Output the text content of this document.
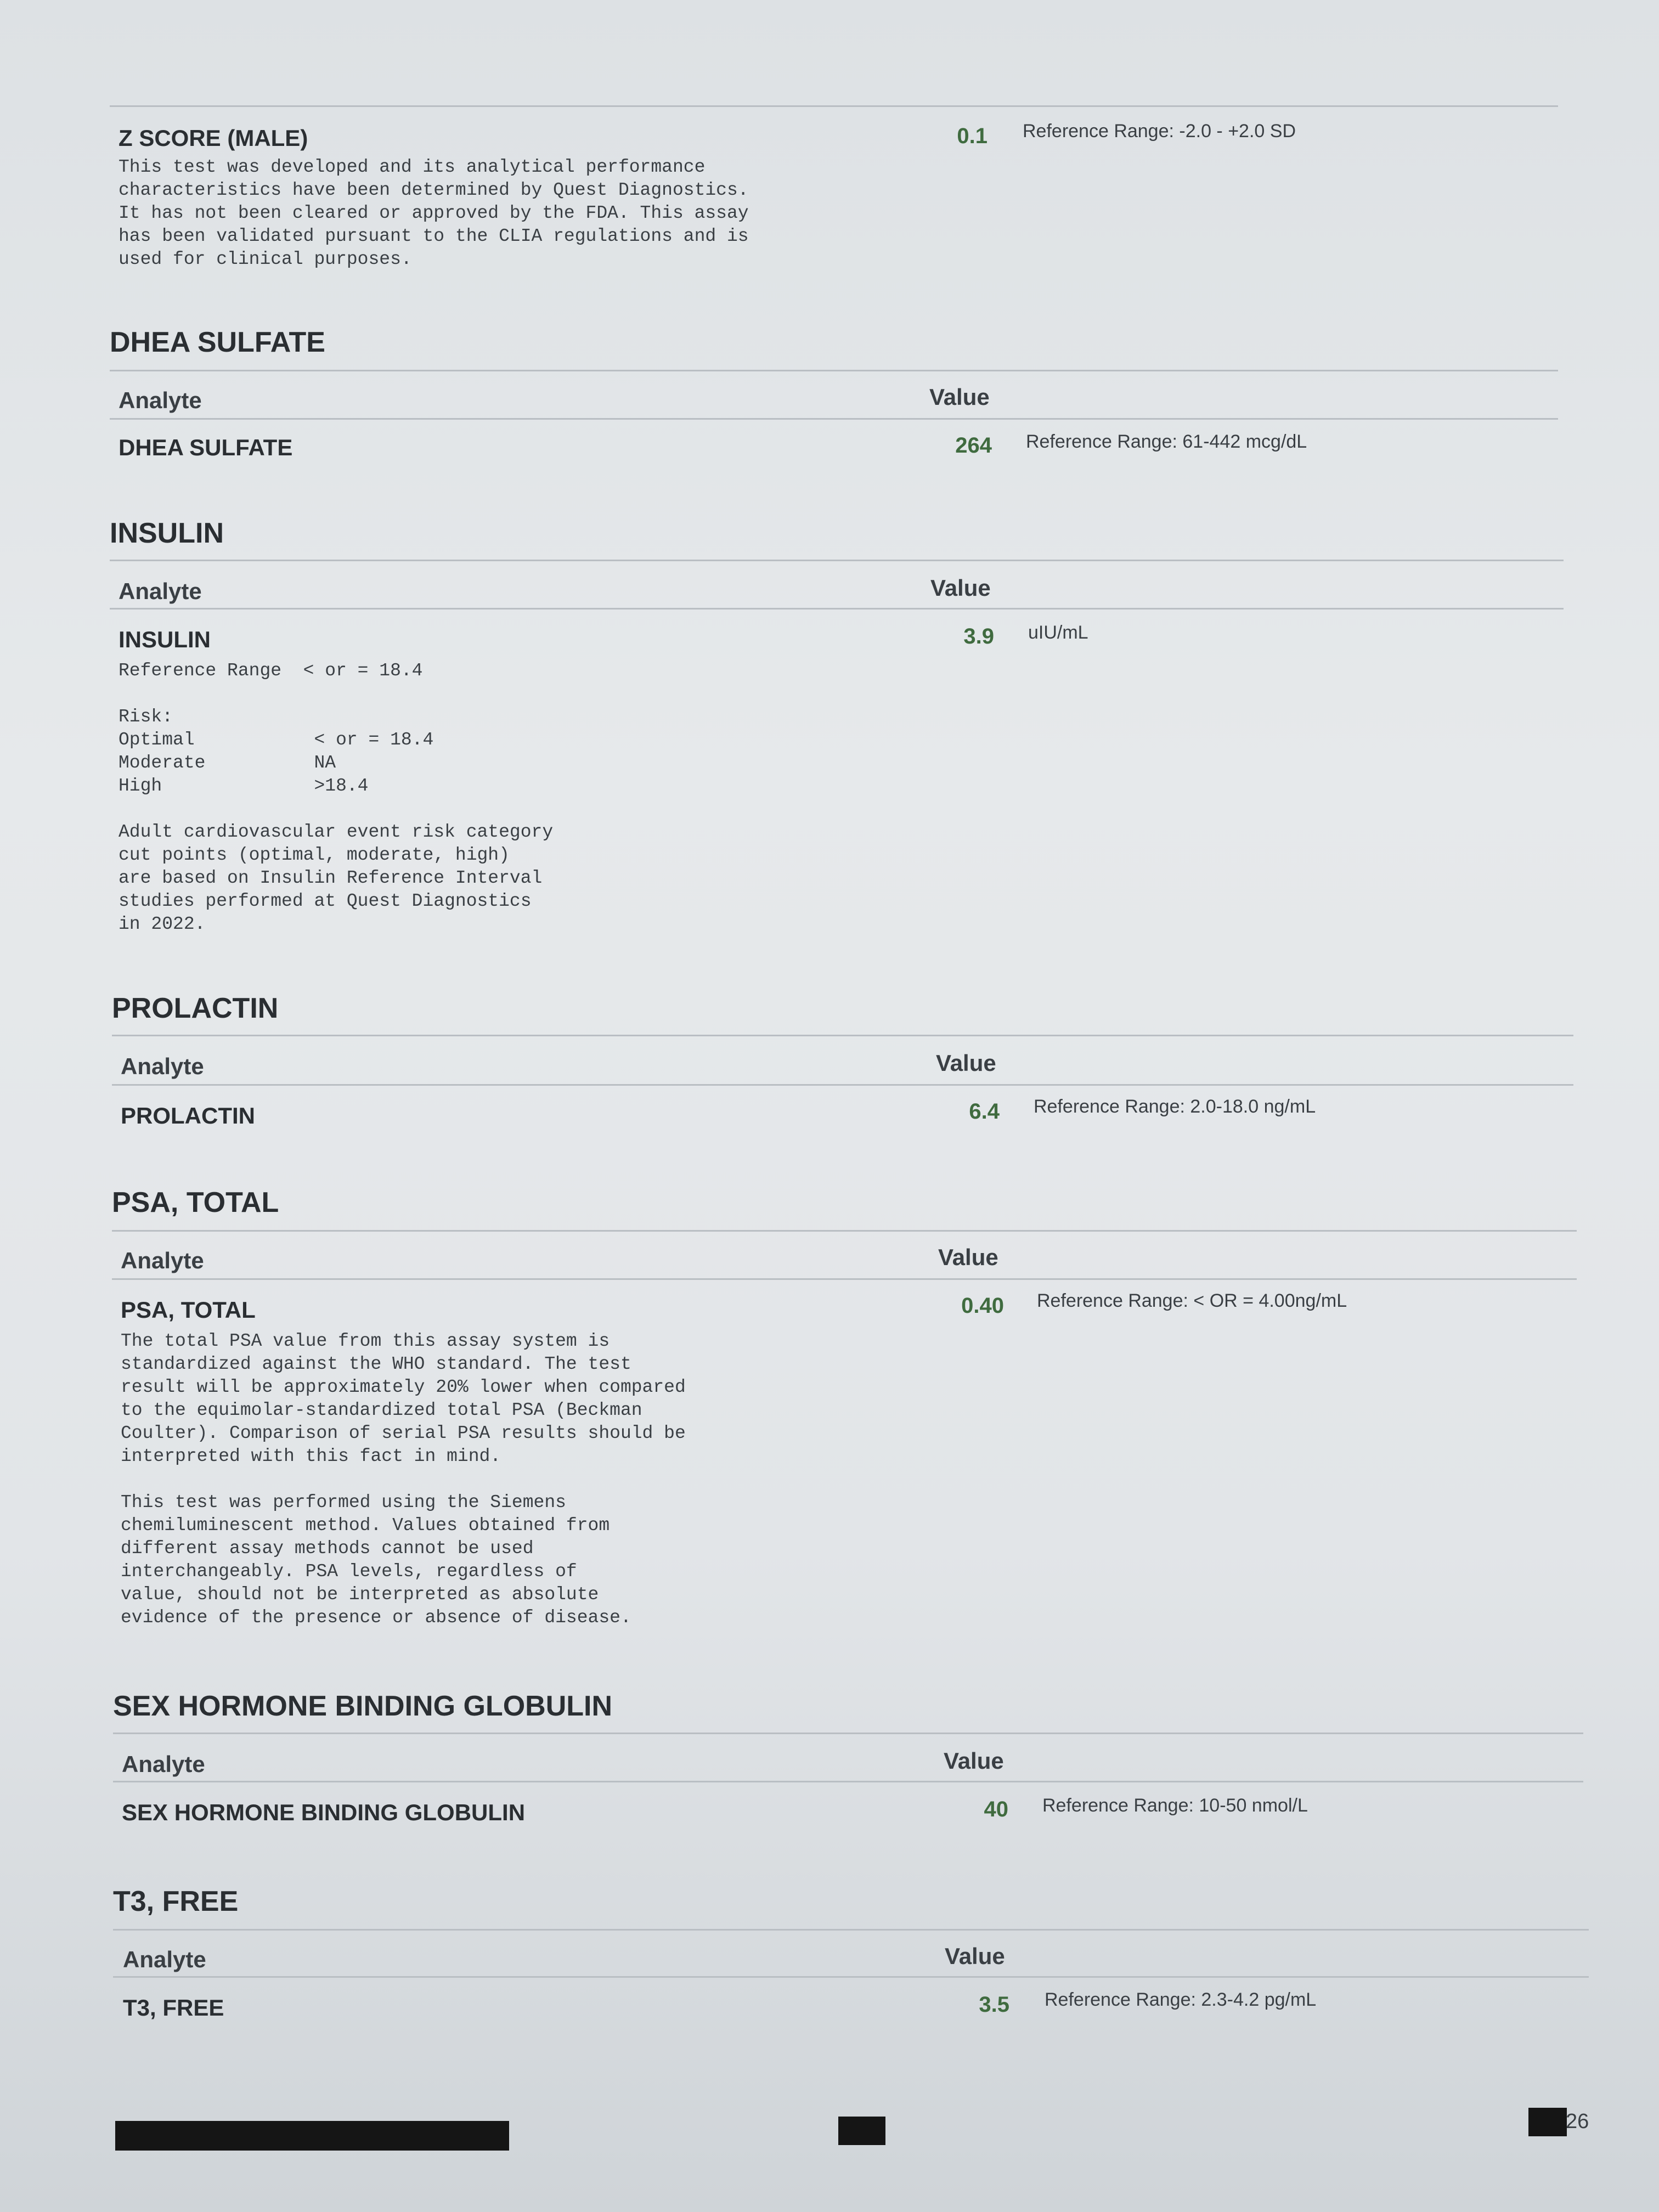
Z SCORE (MALE)	0.1 Reference Range: -2.0 - +2.0 SD
This test was developed and its analytical performance
characteristics have been determined by Quest Diagnostics.
It has not been cleared or approved by the FDA. This assay
has been validated pursuant to the CLIA regulations and is
used for clinical purposes.
DHEA SULFATE
Analyte	Value
DHEA SULFATE	264 Reference Range: 61-442 mcg/dL
INSULIN
Analyte	Value
INSULIN	3.9 uIU/mL
Reference Range  < or = 18.4

Risk:
Optimal           < or = 18.4
Moderate          NA
High              >18.4

Adult cardiovascular event risk category
cut points (optimal, moderate, high)
are based on Insulin Reference Interval
studies performed at Quest Diagnostics
in 2022.
PROLACTIN
Analyte	Value
PROLACTIN	6.4 Reference Range: 2.0-18.0 ng/mL
PSA, TOTAL
Analyte	Value
PSA, TOTAL	0.40 Reference Range: < OR = 4.00ng/mL
The total PSA value from this assay system is
standardized against the WHO standard. The test
result will be approximately 20% lower when compared
to the equimolar-standardized total PSA (Beckman
Coulter). Comparison of serial PSA results should be
interpreted with this fact in mind.

This test was performed using the Siemens
chemiluminescent method. Values obtained from
different assay methods cannot be used
interchangeably. PSA levels, regardless of
value, should not be interpreted as absolute
evidence of the presence or absence of disease.
SEX HORMONE BINDING GLOBULIN
Analyte	Value
SEX HORMONE BINDING GLOBULIN	40 Reference Range: 10-50 nmol/L
T3, FREE
Analyte	Value
T3, FREE	3.5 Reference Range: 2.3-4.2 pg/mL
26
